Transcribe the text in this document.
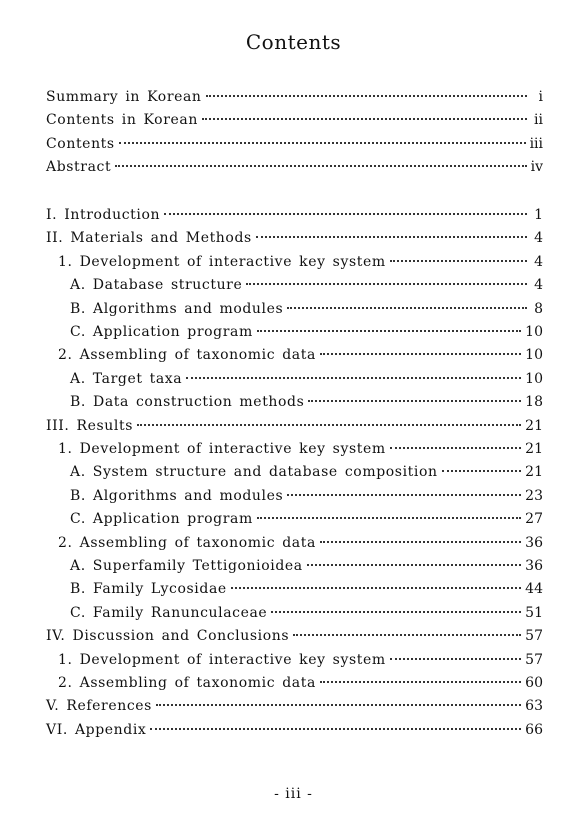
Contents
Summary in Korean	i
Contents in Korean	ii
Contents	iii
Abstract	iv
I. Introduction	1
II. Materials and Methods	4
1. Development of interactive key system	4
A. Database structure	4
B. Algorithms and modules	8
C. Application program	10
2. Assembling of taxonomic data	10
A. Target taxa	10
B. Data construction methods	18
III. Results	21
1. Development of interactive key system	21
A. System structure and database composition	21
B. Algorithms and modules	23
C. Application program	27
2. Assembling of taxonomic data	36
A. Superfamily Tettigonioidea	36
B. Family Lycosidae	44
C. Family Ranunculaceae	51
IV. Discussion and Conclusions	57
1. Development of interactive key system	57
2. Assembling of taxonomic data	60
V. References	63
VI. Appendix	66
- iii -
